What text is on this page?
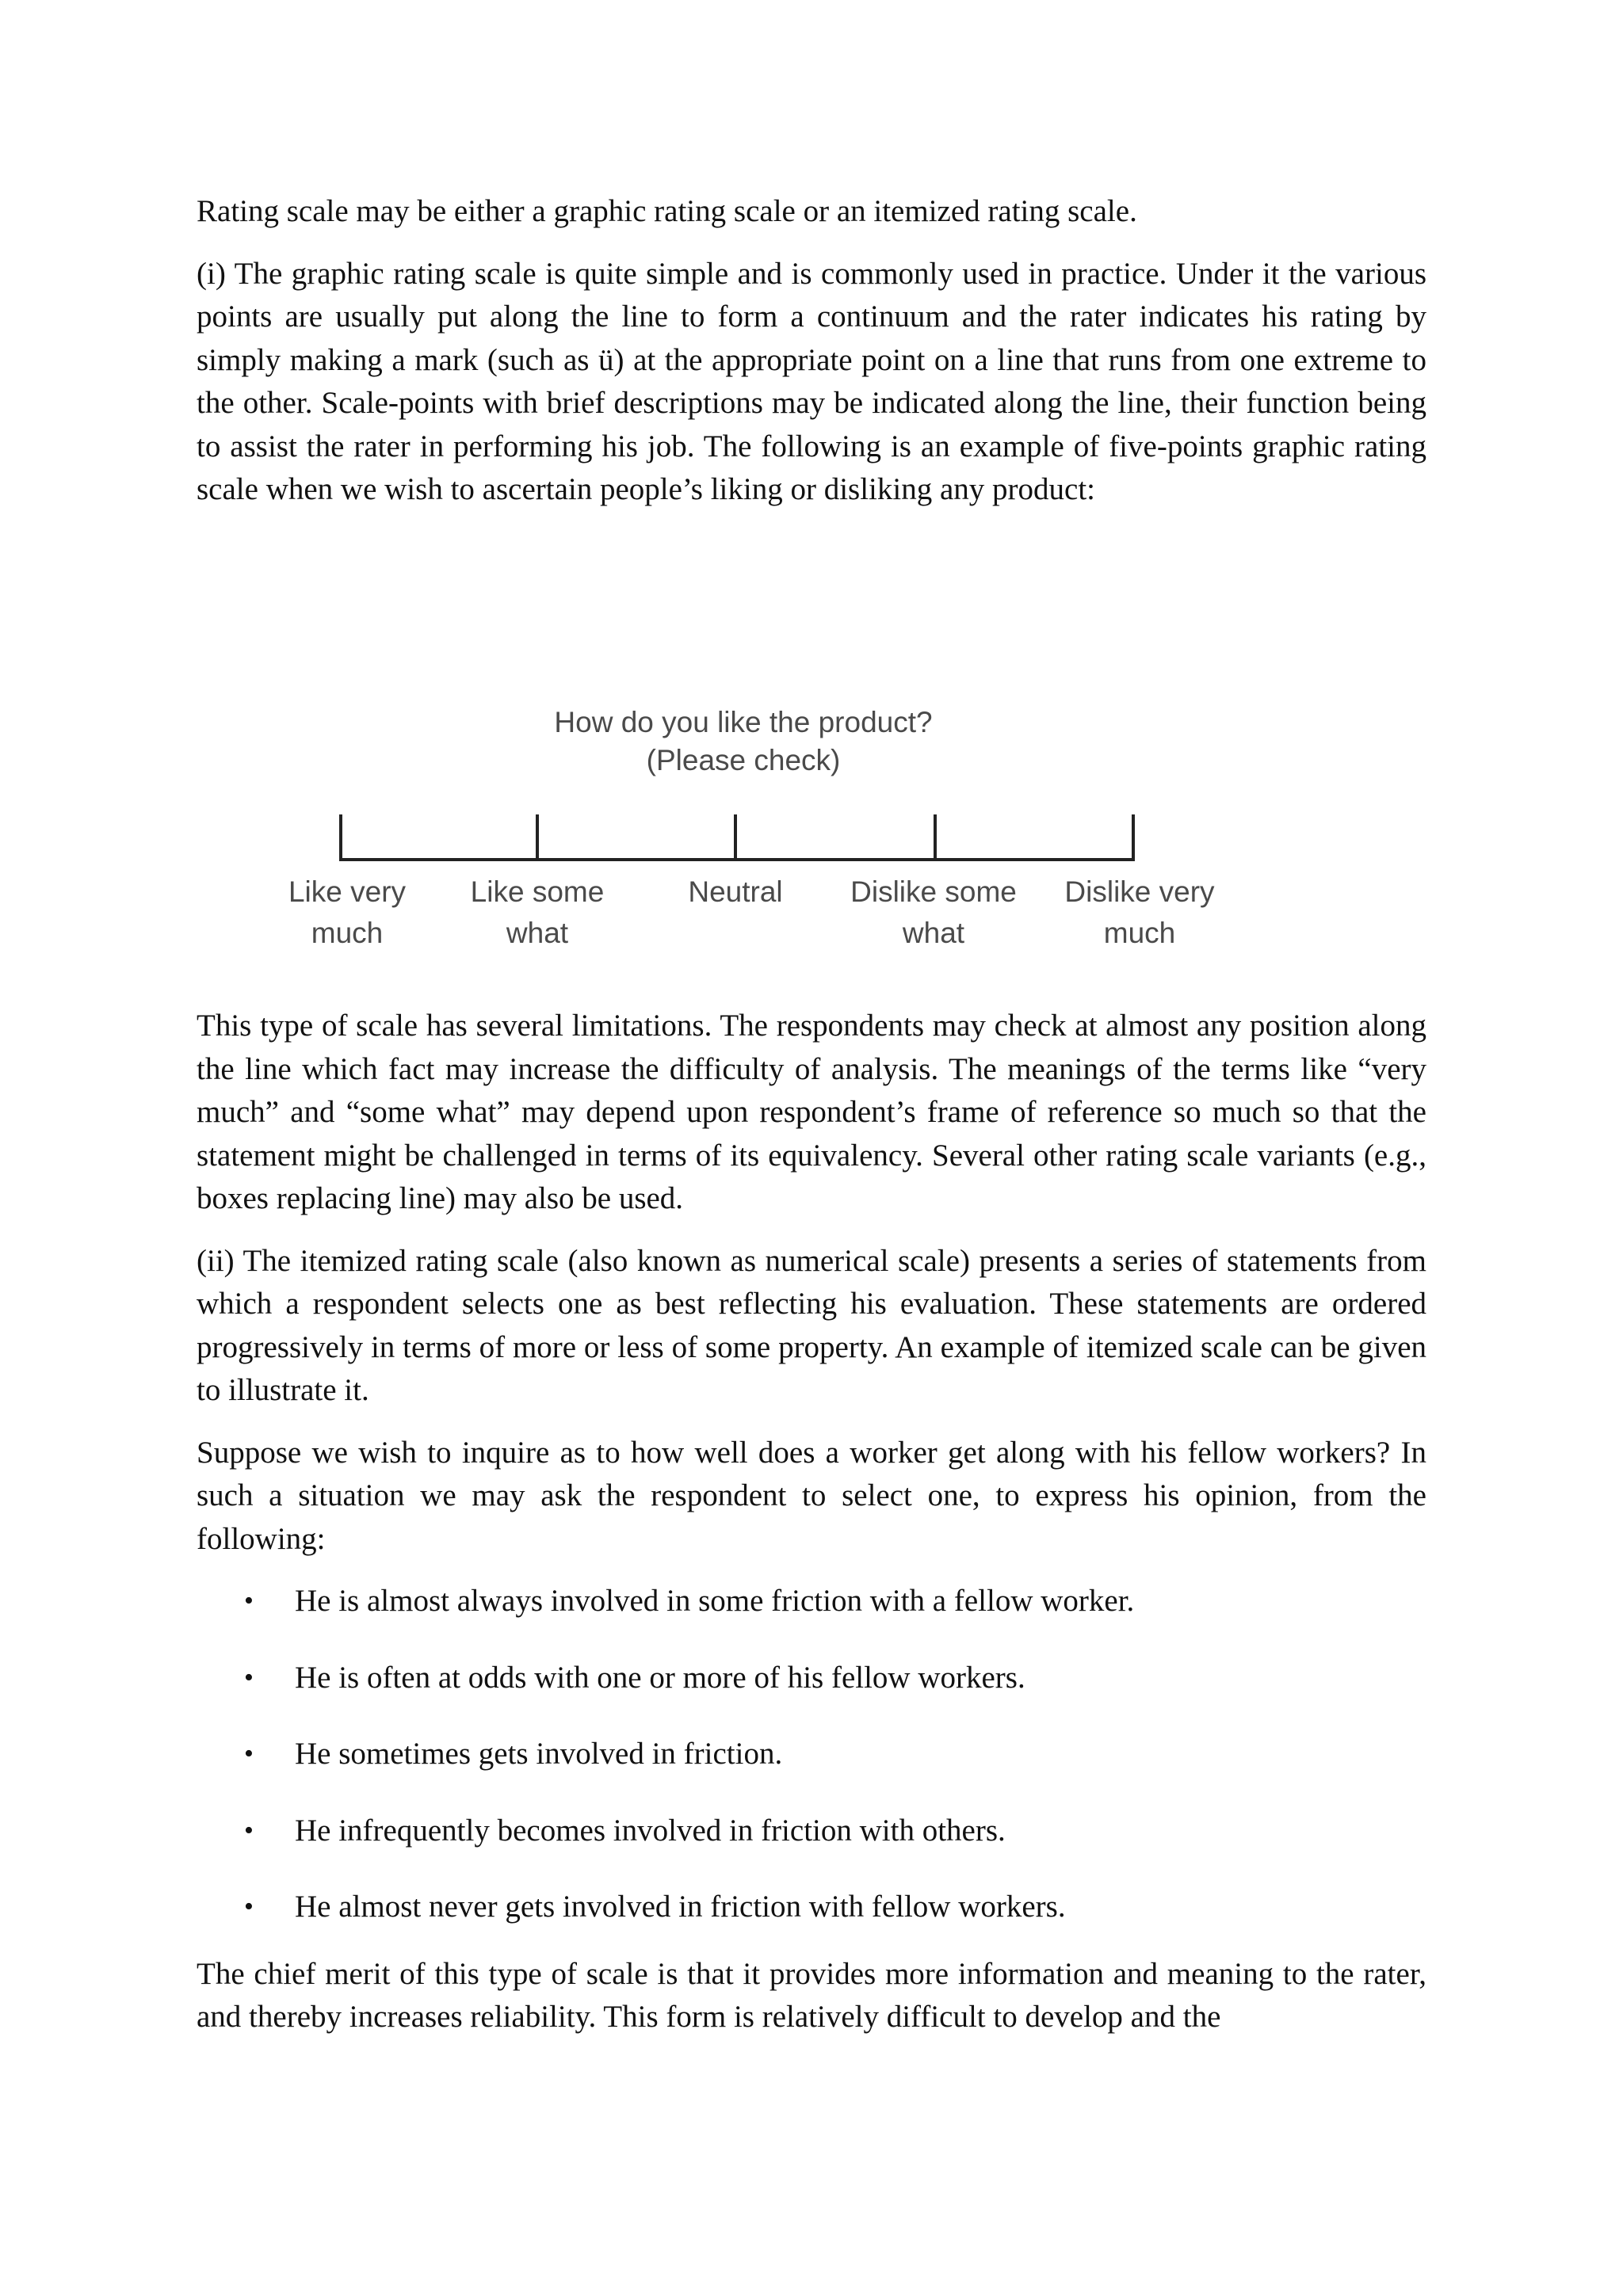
Rating scale may be either a graphic rating scale or an itemized rating scale.

(i) The graphic rating scale is quite simple and is commonly used in practice. Under it the various points are usually put along the line to form a continuum and the rater indicates his rating by simply making a mark (such as ü) at the appropriate point on a line that runs from one extreme to the other. Scale-points with brief descriptions may be indicated along the line, their function being to assist the rater in performing his job. The following is an example of five-points graphic rating scale when we wish to ascertain people’s liking or disliking any product:

How do you like the product?
(Please check)
Like very
much
Like some
what
Neutral	Dislike some
what
Dislike very
much

This type of scale has several limitations. The respondents may check at almost any position along the line which fact may increase the difficulty of analysis. The meanings of the terms like “very much” and “some what” may depend upon respondent’s frame of reference so much so that the statement might be challenged in terms of its equivalency. Several other rating scale variants (e.g., boxes replacing line) may also be used.

(ii) The itemized rating scale (also known as numerical scale) presents a series of statements from which a respondent selects one as best reflecting his evaluation. These statements are ordered progressively in terms of more or less of some property. An example of itemized scale can be given to illustrate it.

Suppose we wish to inquire as to how well does a worker get along with his fellow workers? In such a situation we may ask the respondent to select one, to express his opinion, from the following:

• He is almost always involved in some friction with a fellow worker.
• He is often at odds with one or more of his fellow workers.
• He sometimes gets involved in friction.
• He infrequently becomes involved in friction with others.
• He almost never gets involved in friction with fellow workers.

The chief merit of this type of scale is that it provides more information and meaning to the rater, and thereby increases reliability. This form is relatively difficult to develop and the
